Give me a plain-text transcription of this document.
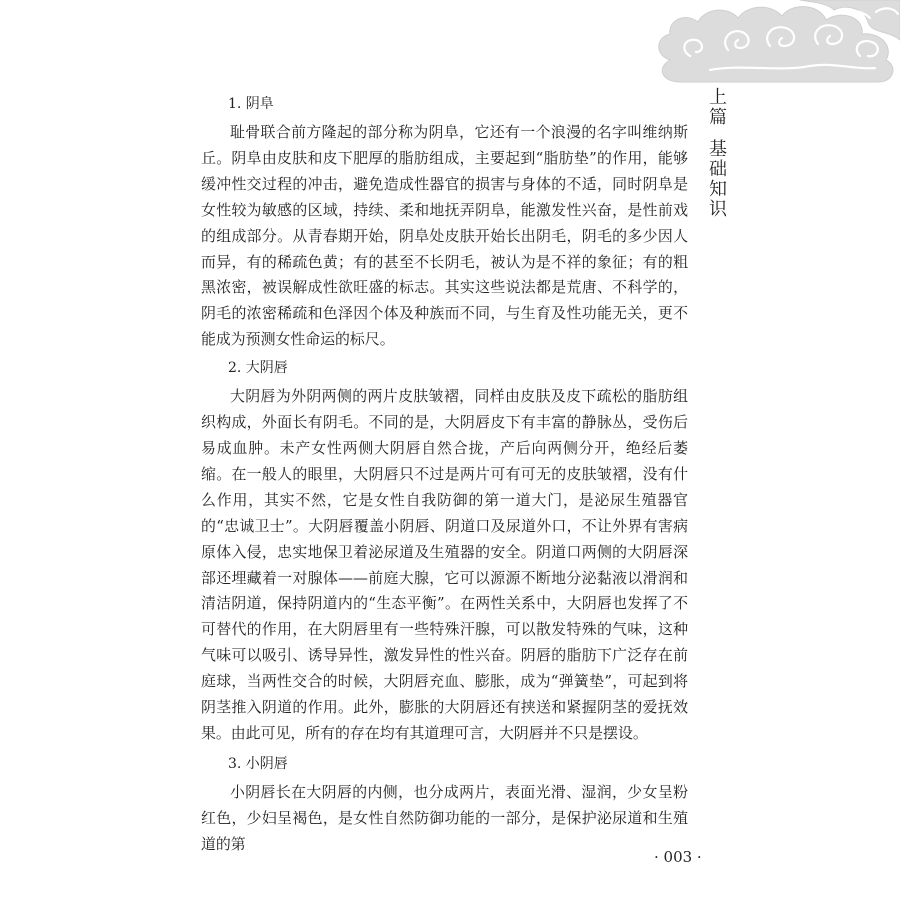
上
篇
基
础
知
识

1. 阴阜

耻骨联合前方隆起的部分称为阴阜，它还有一个浪漫的名字叫维纳斯丘。阴阜由皮肤和皮下肥厚的脂肪组成，主要起到“脂肪垫”的作用，能够缓冲性交过程的冲击，避免造成性器官的损害与身体的不适，同时阴阜是女性较为敏感的区域，持续、柔和地抚弄阴阜，能激发性兴奋，是性前戏的组成部分。从青春期开始，阴阜处皮肤开始长出阴毛，阴毛的多少因人而异，有的稀疏色黄；有的甚至不长阴毛，被认为是不祥的象征；有的粗黑浓密，被误解成性欲旺盛的标志。其实这些说法都是荒唐、不科学的，阴毛的浓密稀疏和色泽因个体及种族而不同，与生育及性功能无关，更不能成为预测女性命运的标尺。

2. 大阴唇

大阴唇为外阴两侧的两片皮肤皱褶，同样由皮肤及皮下疏松的脂肪组织构成，外面长有阴毛。不同的是，大阴唇皮下有丰富的静脉丛，受伤后易成血肿。未产女性两侧大阴唇自然合拢，产后向两侧分开，绝经后萎缩。在一般人的眼里，大阴唇只不过是两片可有可无的皮肤皱褶，没有什么作用，其实不然，它是女性自我防御的第一道大门，是泌尿生殖器官的“忠诚卫士”。大阴唇覆盖小阴唇、阴道口及尿道外口，不让外界有害病原体入侵，忠实地保卫着泌尿道及生殖器的安全。阴道口两侧的大阴唇深部还埋藏着一对腺体——前庭大腺，它可以源源不断地分泌黏液以滑润和清洁阴道，保持阴道内的“生态平衡”。在两性关系中，大阴唇也发挥了不可替代的作用，在大阴唇里有一些特殊汗腺，可以散发特殊的气味，这种气味可以吸引、诱导异性，激发异性的性兴奋。阴唇的脂肪下广泛存在前庭球，当两性交合的时候，大阴唇充血、膨胀，成为“弹簧垫”，可起到将阴茎推入阴道的作用。此外，膨胀的大阴唇还有挟送和紧握阴茎的爱抚效果。由此可见，所有的存在均有其道理可言，大阴唇并不只是摆设。

3. 小阴唇

小阴唇长在大阴唇的内侧，也分成两片，表面光滑、湿润，少女呈粉红色，少妇呈褐色，是女性自然防御功能的一部分，是保护泌尿道和生殖道的第

· 003 ·
